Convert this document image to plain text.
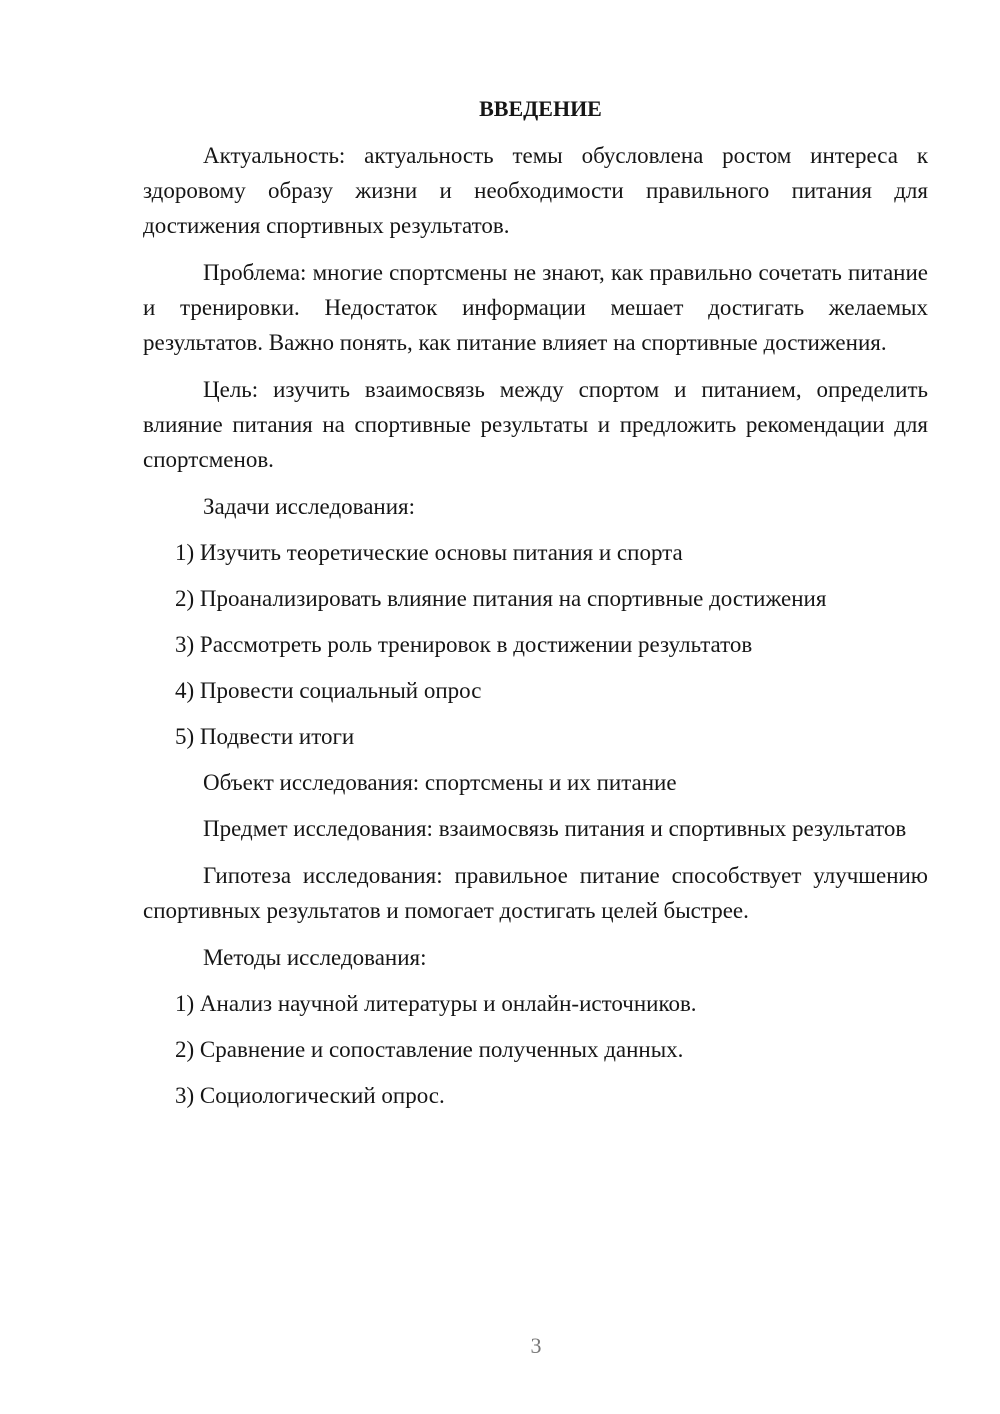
ВВЕДЕНИЕ

Актуальность: актуальность темы обусловлена ростом интереса к здоровому образу жизни и необходимости правильного питания для достижения спортивных результатов.

Проблема: многие спортсмены не знают, как правильно сочетать питание и тренировки. Недостаток информации мешает достигать желаемых результатов. Важно понять, как питание влияет на спортивные достижения.

Цель: изучить взаимосвязь между спортом и питанием, определить влияние питания на спортивные результаты и предложить рекомендации для спортсменов.

Задачи исследования:

1) Изучить теоретические основы питания и спорта

2) Проанализировать влияние питания на спортивные достижения

3) Рассмотреть роль тренировок в достижении результатов

4) Провести социальный опрос

5) Подвести итоги

Объект исследования: спортсмены и их питание

Предмет исследования: взаимосвязь питания и спортивных результатов

Гипотеза исследования: правильное питание способствует улучшению спортивных результатов и помогает достигать целей быстрее.

Методы исследования:

1) Анализ научной литературы и онлайн-источников.

2) Сравнение и сопоставление полученных данных.

3) Социологический опрос.

3
